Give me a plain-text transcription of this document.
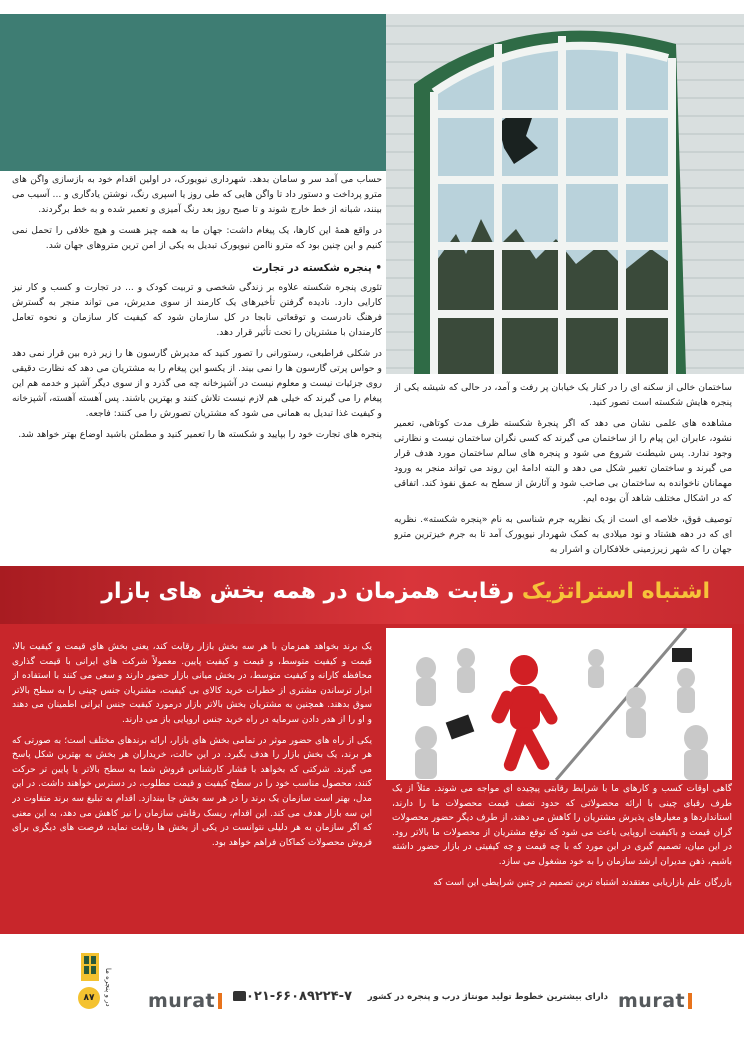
حساب می آمد سر و سامان بدهد. شهرداری نیویورک، در اولین اقدام خود به بازسازی واگن های مترو پرداخت و دستور داد تا واگن هایی که طی روز یا اسپری رنگ، نوشتن یادگاری و ... آسیب می بینند، شبانه از خط خارج شوند و تا صبح روز بعد رنگ آمیزی و تعمیر شده و به خط برگردند.

در واقع همهٔ این کارها، یک پیغام داشت: جهان ما به همه چیز هست و هیچ خلافی را تحمل نمی کنیم و این چنین بود که مترو ناامن نیویورک تبدیل به یکی از امن ترین متروهای جهان شد.

• پنجره شکسته در تجارت

تئوری پنجره شکسته علاوه بر زندگی شخصی و تربیت کودک و ... در تجارت و کسب و کار نیز کارایی دارد. نادیده گرفتن تأخیرهای یک کارمند از سوی مدیرش، می تواند منجر به گسترش فرهنگ نادرست و توقعاتی نابجا در کل سازمان شود که کیفیت کار سازمان و نحوه تعامل کارمندان با مشتریان را تحت تأثیر قرار دهد.

در شکلی فراطبعی، رستورانی را تصور کنید که مدیرش گارسون ها را زیر ذره بین قرار نمی دهد و حواس پرتی گارسون ها را نمی بیند. از یکسو این پیغام را به مشتریان می دهد که نظارت دقیقی روی جزئیات نیست و معلوم نیست در آشپزخانه چه می گذرد و از سوی دیگر آشپز و خدمه هم این پیغام را می گیرند که خیلی هم لازم نیست تلاش کنند و بهترین باشند. پس آهسته آهسته، آشپزخانه و کیفیت غذا تبدیل به همانی می شود که مشتریان تصورش را می کنند: فاجعه.

پنجره های تجارت خود را بپایید و شکسته ها را تعمیر کنید و مطمئن باشید اوضاع بهتر خواهد شد.

ساختمان خالی از سکنه ای را در کنار یک خیابان پر رفت و آمد، در حالی که شیشه یکی از پنجره هایش شکسته است تصور کنید.

مشاهده های علمی نشان می دهد که اگر پنجرهٔ شکسته ظرف مدت کوتاهی، تعمیر نشود، عابران این پیام را از ساختمان می گیرند که کسی نگران ساختمان نیست و نظارتی وجود ندارد. پس شیطنت شروع می شود و پنجره های سالم ساختمان مورد هدف قرار می گیرند و ساختمان تغییر شکل می دهد و البته ادامهٔ این روند می تواند منجر به ورود مهمانان ناخوانده به ساختمان بی صاحب شود و آثارش از سطح به عمق نفوذ کند. اتفاقی که در اشکال مختلف شاهد آن بوده ایم.

توصیف فوق، خلاصه ای است از یک نظریه جرم شناسی به نام «پنجره شکسته». نظریه ای که در دهه هشتاد و نود میلادی به کمک شهردار نیویورک آمد تا به جرم خیزترین مترو جهان را که شهر زیرزمینی خلافکاران و اشرار به

اشتباه استراتژیک رقابت همزمان در همه بخش های بازار

یک برند بخواهد همزمان با هر سه بخش بازار رقابت کند، یعنی بخش های قیمت و کیفیت بالا، قیمت و کیفیت متوسط، و قیمت و کیفیت پایین. معمولاً شرکت های ایرانی با قیمت گذاری محافظه کارانه و کیفیت متوسط، در بخش میانی بازار حضور دارند و سعی می کنند با استفاده از ابزار ترساندن مشتری از خطرات خرید کالای بی کیفیت، مشتریان جنس چینی را به سطح بالاتر سوق بدهند. همچنین به مشتریان بخش بالاتر بازار درمورد کیفیت جنس ایرانی اطمینان می دهند و او را از هدر دادن سرمایه در راه خرید جنس اروپایی باز می دارند.

یکی از راه های حضور موثر در تمامی بخش های بازار، ارائه برندهای مختلف است؛ به صورتی که هر برند، یک بخش بازار را هدف بگیرد. در این حالت، خریداران هر بخش به بهترین شکل پاسخ می گیرند. شرکتی که بخواهد با فشار کارشناس فروش شما به سطح بالاتر یا پایین تر حرکت کنند، محصول مناسب خود را در سطح کیفیت و قیمت مطلوب، در دسترس خواهند داشت. در این مدل، بهتر است سازمان یک برند را در هر سه بخش جا بیندازد. اقدام به تبلیغ سه برند متفاوت در این سه بازار هدف می کند. این اقدام، ریسک رقابتی سازمان را نیز کاهش می دهد، به این معنی که اگر سازمان به هر دلیلی نتوانست در یکی از بخش ها رقابت نماید، فرصت های دیگری برای فروش محصولات کماکان فراهم خواهد بود.

گاهی اوقات کسب و کارهای ما با شرایط رقابتی پیچیده ای مواجه می شوند. مثلاً از یک طرف رقبای چینی با ارائه محصولاتی که حدود نصف قیمت محصولات ما را دارند، استانداردها و معیارهای پذیرش مشتریان را کاهش می دهند، از طرف دیگر حضور محصولات گران قیمت و باکیفیت اروپایی باعث می شود که توقع مشتریان از محصولات ما بالاتر رود. در این میان، تصمیم گیری در این مورد که با چه قیمت و چه کیفیتی در بازار حضور داشته باشیم، ذهن مدیران ارشد سازمان را به خود مشغول می سازد.

بازرگان علم بازاریابی معتقدند اشتباه ترین تصمیم در چنین شرایطی این است که

murat
دارای بیشترین خطوط تولید مونتاژ درب و پنجره در کشور
۰۲۱-۶۶۰۸۹۲۲۴-۷
murat
در و پنجره ما
۸۷
